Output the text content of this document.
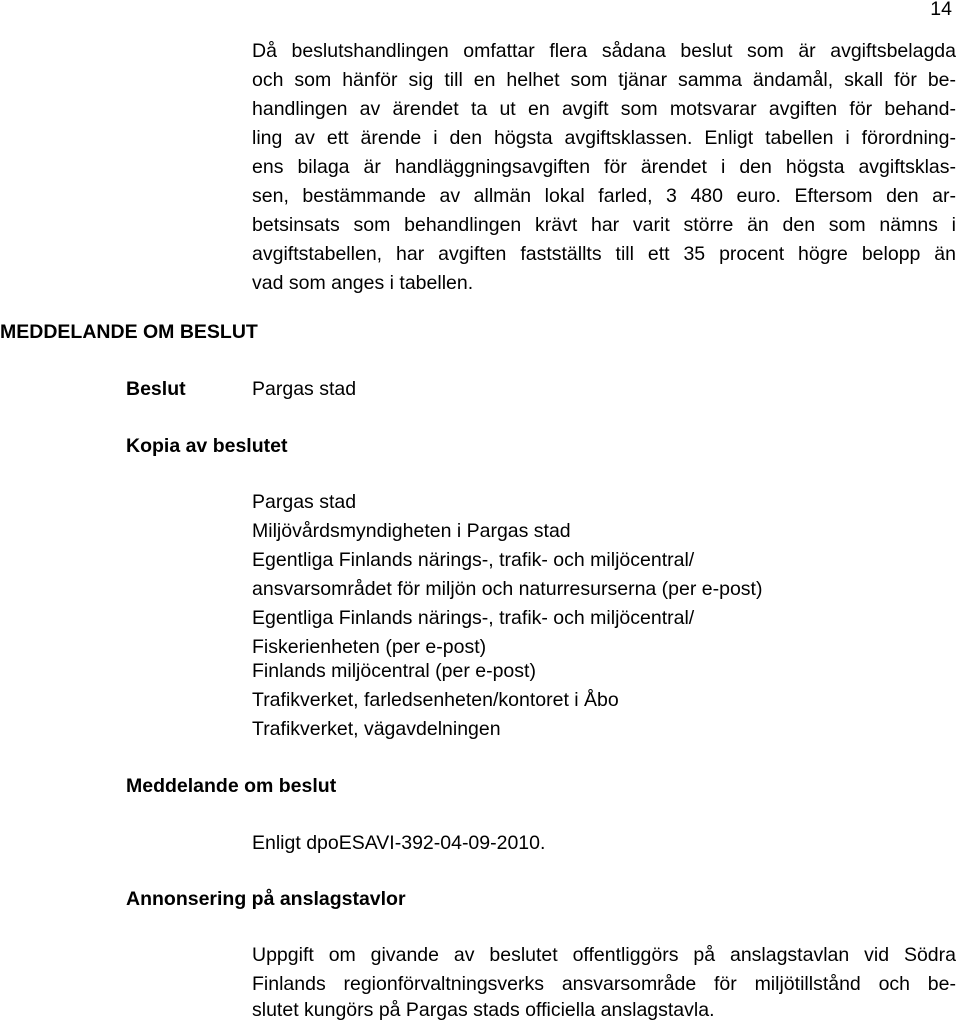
14
Då beslutshandlingen omfattar flera sådana beslut som är avgiftsbelagda
och som hänför sig till en helhet som tjänar samma ändamål, skall för be-
handlingen av ärendet ta ut en avgift som motsvarar avgiften för behand-
ling av ett ärende i den högsta avgiftsklassen. Enligt tabellen i förordning-
ens bilaga är handläggningsavgiften för ärendet i den högsta avgiftsklas-
sen, bestämmande av allmän lokal farled, 3 480 euro. Eftersom den ar-
betsinsats som behandlingen krävt har varit större än den som nämns i
avgiftstabellen, har avgiften fastställts till ett 35 procent högre belopp än
vad som anges i tabellen.
MEDDELANDE OM BESLUT
Beslut	Pargas stad
Kopia av beslutet
Pargas stad
Miljövårdsmyndigheten i Pargas stad
Egentliga Finlands närings-, trafik- och miljöcentral/
ansvarsområdet för miljön och naturresurserna (per e-post)
Egentliga Finlands närings-, trafik- och miljöcentral/
Fiskerienheten (per e-post)
Finlands miljöcentral (per e-post)
Trafikverket, farledsenheten/kontoret i Åbo
Trafikverket, vägavdelningen
Meddelande om beslut
Enligt dpoESAVI-392-04-09-2010.
Annonsering på anslagstavlor
Uppgift om givande av beslutet offentliggörs på anslagstavlan vid Södra
Finlands regionförvaltningsverks ansvarsområde för miljötillstånd och be-
slutet kungörs på Pargas stads officiella anslagstavla.
